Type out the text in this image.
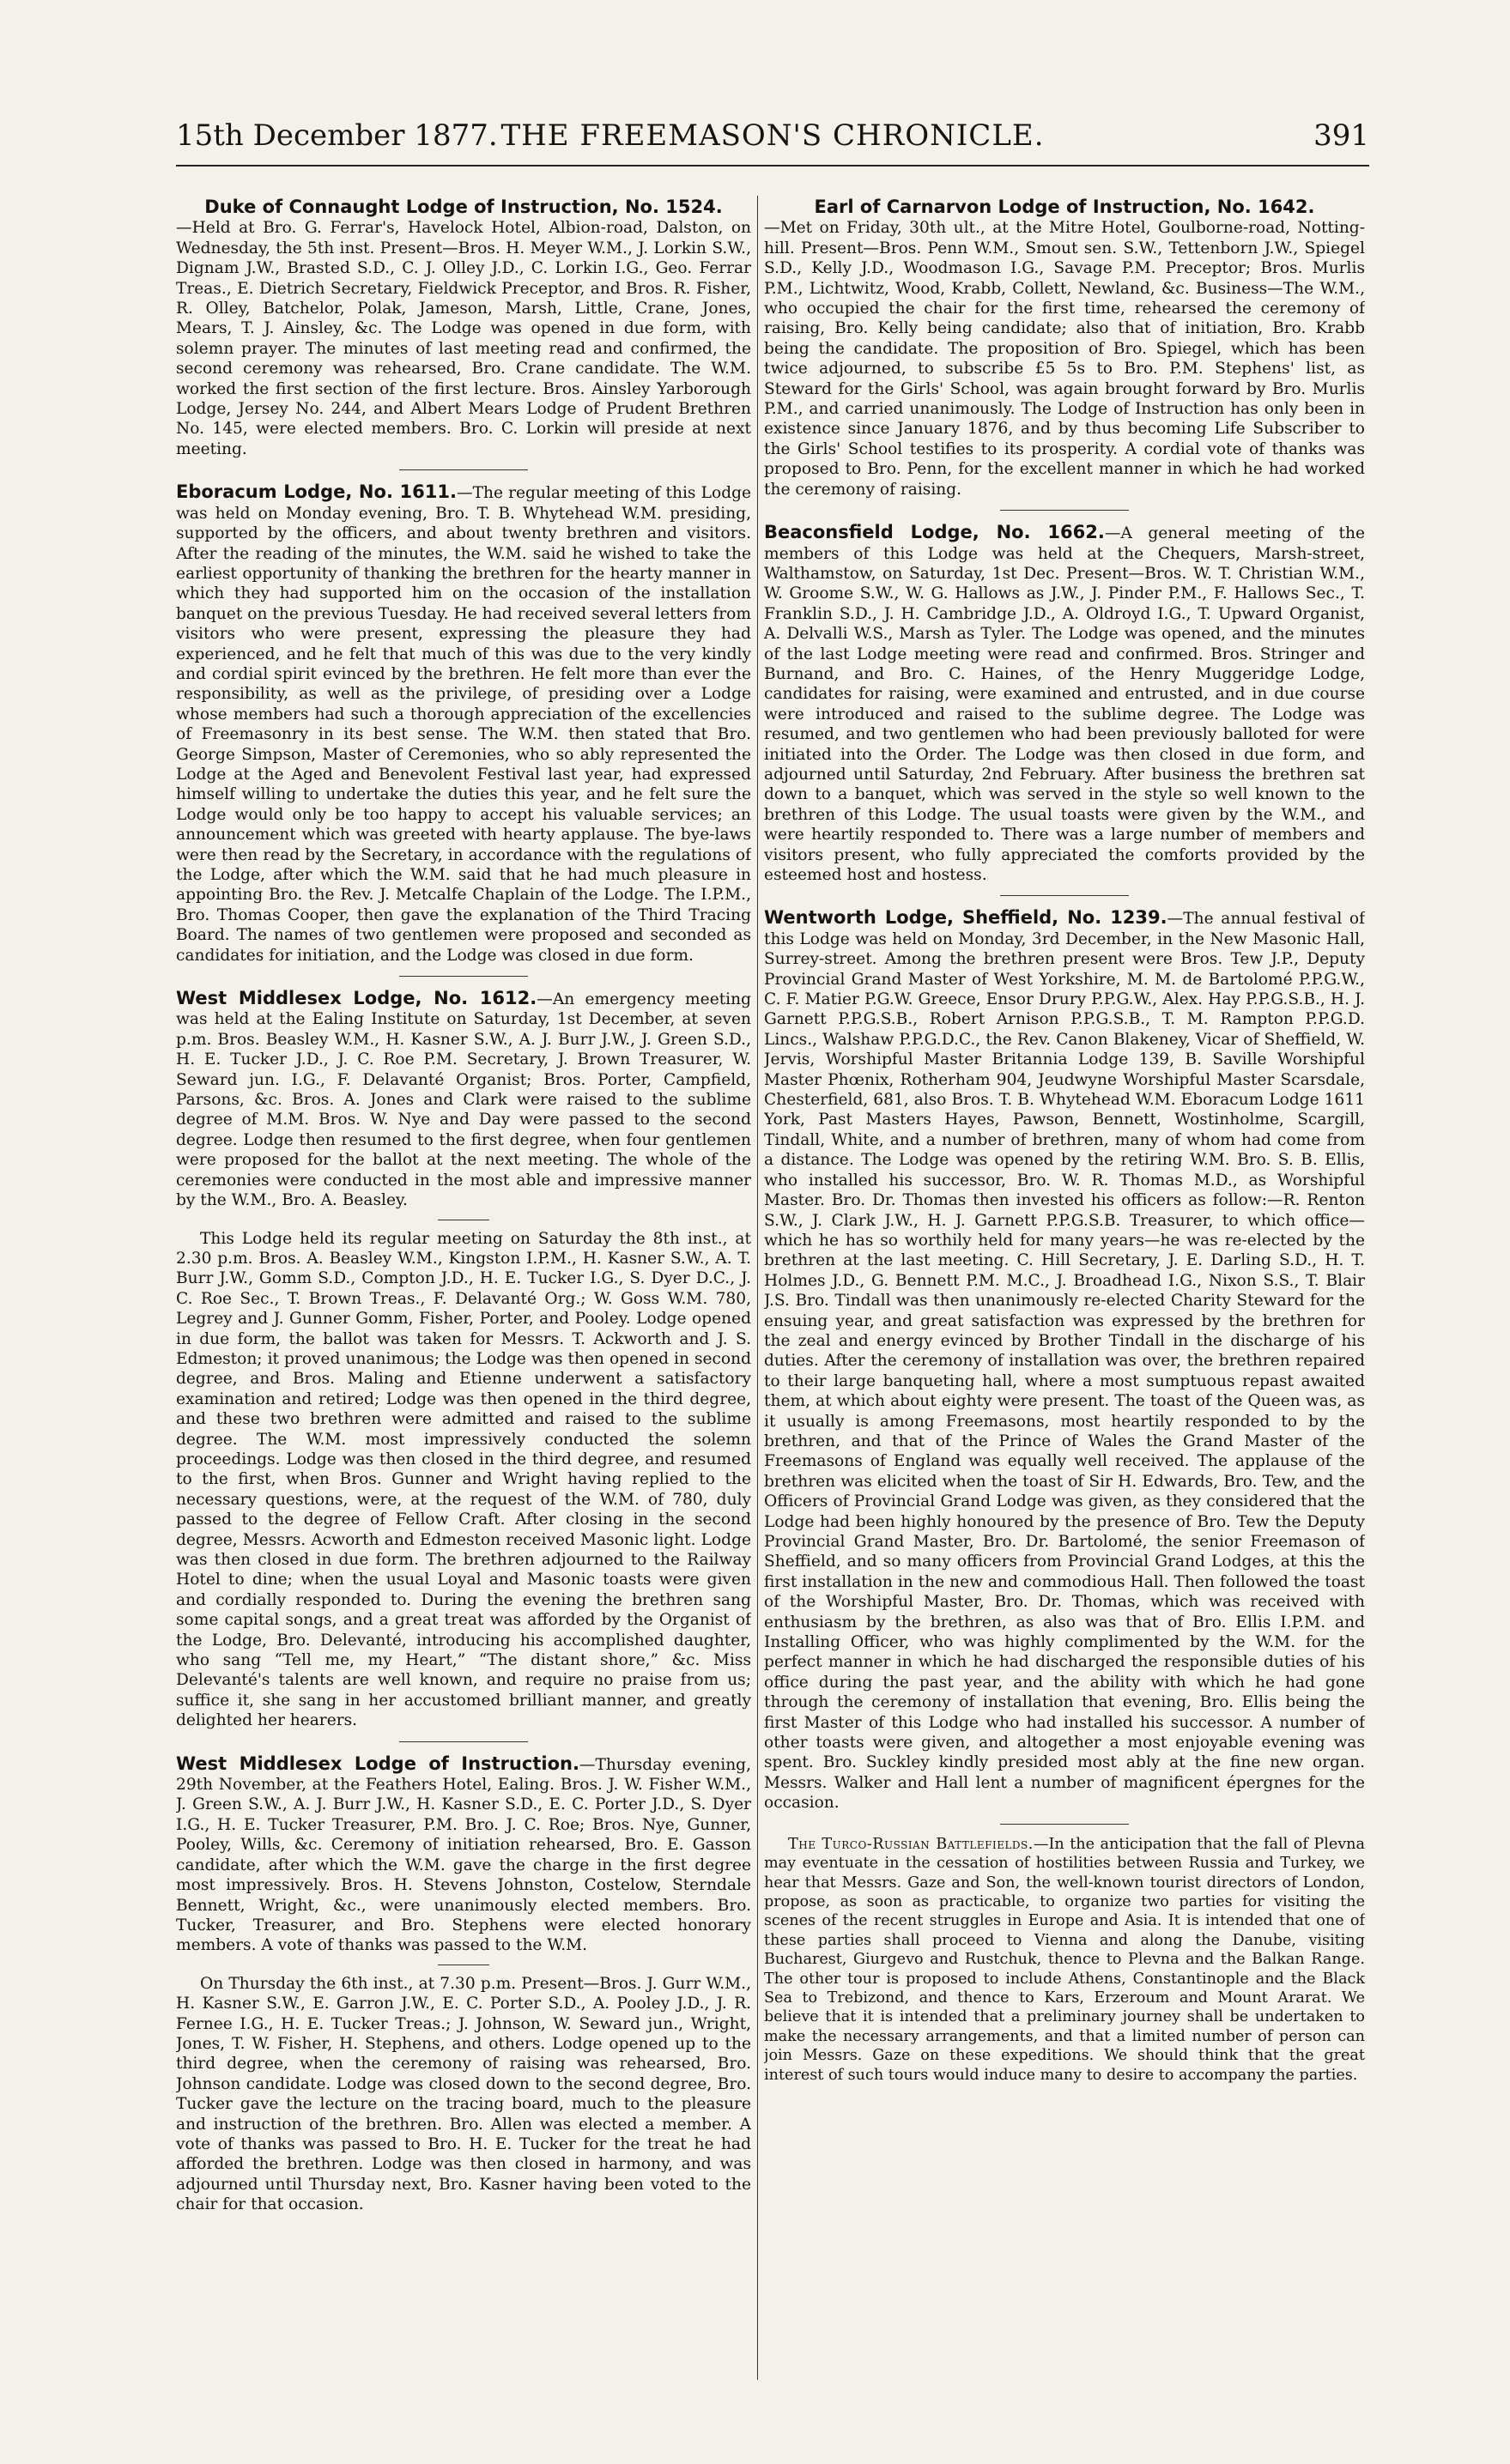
15th December 1877. THE FREEMASON'S CHRONICLE.	391
Duke of Connaught Lodge of Instruction, No. 1524.

—Held at Bro. G. Ferrar's, Havelock Hotel, Albion-road, Dalston, on Wednesday, the 5th inst. Present—Bros. H. Meyer W.M., J. Lorkin S.W., Dignam J.W., Brasted S.D., C. J. Olley J.D., C. Lorkin I.G., Geo. Ferrar Treas., E. Dietrich Secretary, Fieldwick Preceptor, and Bros. R. Fisher, R. Olley, Batchelor, Polak, Jameson, Marsh, Little, Crane, Jones, Mears, T. J. Ainsley, &c. The Lodge was opened in due form, with solemn prayer. The minutes of last meeting read and confirmed, the second ceremony was rehearsed, Bro. Crane candidate. The W.M. worked the first section of the first lecture. Bros. Ainsley Yarborough Lodge, Jersey No. 244, and Albert Mears Lodge of Prudent Brethren No. 145, were elected members. Bro. C. Lorkin will preside at next meeting.

Eboracum Lodge, No. 1611.—The regular meeting of this Lodge was held on Monday evening, Bro. T. B. Whytehead W.M. presiding, supported by the officers, and about twenty brethren and visitors. After the reading of the minutes, the W.M. said he wished to take the earliest opportunity of thanking the brethren for the hearty manner in which they had supported him on the occasion of the installation banquet on the previous Tuesday. He had received several letters from visitors who were present, expressing the pleasure they had experienced, and he felt that much of this was due to the very kindly and cordial spirit evinced by the brethren. He felt more than ever the responsibility, as well as the privilege, of presiding over a Lodge whose members had such a thorough appreciation of the excellencies of Freemasonry in its best sense. The W.M. then stated that Bro. George Simpson, Master of Ceremonies, who so ably represented the Lodge at the Aged and Benevolent Festival last year, had expressed himself willing to undertake the duties this year, and he felt sure the Lodge would only be too happy to accept his valuable services; an announcement which was greeted with hearty applause. The bye-laws were then read by the Secretary, in accordance with the regulations of the Lodge, after which the W.M. said that he had much pleasure in appointing Bro. the Rev. J. Metcalfe Chaplain of the Lodge. The I.P.M., Bro. Thomas Cooper, then gave the explanation of the Third Tracing Board. The names of two gentlemen were proposed and seconded as candidates for initiation, and the Lodge was closed in due form.

West Middlesex Lodge, No. 1612.—An emergency meeting was held at the Ealing Institute on Saturday, 1st December, at seven p.m. Bros. Beasley W.M., H. Kasner S.W., A. J. Burr J.W., J. Green S.D., H. E. Tucker J.D., J. C. Roe P.M. Secretary, J. Brown Treasurer, W. Seward jun. I.G., F. Delavanté Organist; Bros. Porter, Campfield, Parsons, &c. Bros. A. Jones and Clark were raised to the sublime degree of M.M. Bros. W. Nye and Day were passed to the second degree. Lodge then resumed to the first degree, when four gentlemen were proposed for the ballot at the next meeting. The whole of the ceremonies were conducted in the most able and impressive manner by the W.M., Bro. A. Beasley.

This Lodge held its regular meeting on Saturday the 8th inst., at 2.30 p.m. Bros. A. Beasley W.M., Kingston I.P.M., H. Kasner S.W., A. T. Burr J.W., Gomm S.D., Compton J.D., H. E. Tucker I.G., S. Dyer D.C., J. C. Roe Sec., T. Brown Treas., F. Delavanté Org.; W. Goss W.M. 780, Legrey and J. Gunner Gomm, Fisher, Porter, and Pooley. Lodge opened in due form, the ballot was taken for Messrs. T. Ackworth and J. S. Edmeston; it proved unanimous; the Lodge was then opened in second degree, and Bros. Maling and Etienne underwent a satisfactory examination and retired; Lodge was then opened in the third degree, and these two brethren were admitted and raised to the sublime degree. The W.M. most impressively conducted the solemn proceedings. Lodge was then closed in the third degree, and resumed to the first, when Bros. Gunner and Wright having replied to the necessary questions, were, at the request of the W.M. of 780, duly passed to the degree of Fellow Craft. After closing in the second degree, Messrs. Acworth and Edmeston received Masonic light. Lodge was then closed in due form. The brethren adjourned to the Railway Hotel to dine; when the usual Loyal and Masonic toasts were given and cordially responded to. During the evening the brethren sang some capital songs, and a great treat was afforded by the Organist of the Lodge, Bro. Delevanté, introducing his accomplished daughter, who sang “Tell me, my Heart,” “The distant shore,” &c. Miss Delevanté's talents are well known, and require no praise from us; suffice it, she sang in her accustomed brilliant manner, and greatly delighted her hearers.

West Middlesex Lodge of Instruction.—Thursday evening, 29th November, at the Feathers Hotel, Ealing. Bros. J. W. Fisher W.M., J. Green S.W., A. J. Burr J.W., H. Kasner S.D., E. C. Porter J.D., S. Dyer I.G., H. E. Tucker Treasurer, P.M. Bro. J. C. Roe; Bros. Nye, Gunner, Pooley, Wills, &c. Ceremony of initiation rehearsed, Bro. E. Gasson candidate, after which the W.M. gave the charge in the first degree most impressively. Bros. H. Stevens Johnston, Costelow, Sterndale Bennett, Wright, &c., were unanimously elected members. Bro. Tucker, Treasurer, and Bro. Stephens were elected honorary members. A vote of thanks was passed to the W.M.

On Thursday the 6th inst., at 7.30 p.m. Present—Bros. J. Gurr W.M., H. Kasner S.W., E. Garron J.W., E. C. Porter S.D., A. Pooley J.D., J. R. Fernee I.G., H. E. Tucker Treas.; J. Johnson, W. Seward jun., Wright, Jones, T. W. Fisher, H. Stephens, and others. Lodge opened up to the third degree, when the ceremony of raising was rehearsed, Bro. Johnson candidate. Lodge was closed down to the second degree, Bro. Tucker gave the lecture on the tracing board, much to the pleasure and instruction of the brethren. Bro. Allen was elected a member. A vote of thanks was passed to Bro. H. E. Tucker for the treat he had afforded the brethren. Lodge was then closed in harmony, and was adjourned until Thursday next, Bro. Kasner having been voted to the chair for that occasion.

Earl of Carnarvon Lodge of Instruction, No. 1642.

—Met on Friday, 30th ult., at the Mitre Hotel, Goulborne-road, Notting-hill. Present—Bros. Penn W.M., Smout sen. S.W., Tettenborn J.W., Spiegel S.D., Kelly J.D., Woodmason I.G., Savage P.M. Preceptor; Bros. Murlis P.M., Lichtwitz, Wood, Krabb, Collett, Newland, &c. Business—The W.M., who occupied the chair for the first time, rehearsed the ceremony of raising, Bro. Kelly being candidate; also that of initiation, Bro. Krabb being the candidate. The proposition of Bro. Spiegel, which has been twice adjourned, to subscribe £5 5s to Bro. P.M. Stephens' list, as Steward for the Girls' School, was again brought forward by Bro. Murlis P.M., and carried unanimously. The Lodge of Instruction has only been in existence since January 1876, and by thus becoming Life Subscriber to the Girls' School testifies to its prosperity. A cordial vote of thanks was proposed to Bro. Penn, for the excellent manner in which he had worked the ceremony of raising.

Beaconsfield Lodge, No. 1662.—A general meeting of the members of this Lodge was held at the Chequers, Marsh-street, Walthamstow, on Saturday, 1st Dec. Present—Bros. W. T. Christian W.M., W. Groome S.W., W. G. Hallows as J.W., J. Pinder P.M., F. Hallows Sec., T. Franklin S.D., J. H. Cambridge J.D., A. Oldroyd I.G., T. Upward Organist, A. Delvalli W.S., Marsh as Tyler. The Lodge was opened, and the minutes of the last Lodge meeting were read and confirmed. Bros. Stringer and Burnand, and Bro. C. Haines, of the Henry Muggeridge Lodge, candidates for raising, were examined and entrusted, and in due course were introduced and raised to the sublime degree. The Lodge was resumed, and two gentlemen who had been previously balloted for were initiated into the Order. The Lodge was then closed in due form, and adjourned until Saturday, 2nd February. After business the brethren sat down to a banquet, which was served in the style so well known to the brethren of this Lodge. The usual toasts were given by the W.M., and were heartily responded to. There was a large number of members and visitors present, who fully appreciated the comforts provided by the esteemed host and hostess.

Wentworth Lodge, Sheffield, No. 1239.—The annual festival of this Lodge was held on Monday, 3rd December, in the New Masonic Hall, Surrey-street. Among the brethren present were Bros. Tew J.P., Deputy Provincial Grand Master of West Yorkshire, M. M. de Bartolomé P.P.G.W., C. F. Matier P.G.W. Greece, Ensor Drury P.P.G.W., Alex. Hay P.P.G.S.B., H. J. Garnett P.P.G.S.B., Robert Arnison P.P.G.S.B., T. M. Rampton P.P.G.D. Lincs., Walshaw P.P.G.D.C., the Rev. Canon Blakeney, Vicar of Sheffield, W. Jervis, Worshipful Master Britannia Lodge 139, B. Saville Worshipful Master Phœnix, Rotherham 904, Jeudwyne Worshipful Master Scarsdale, Chesterfield, 681, also Bros. T. B. Whytehead W.M. Eboracum Lodge 1611 York, Past Masters Hayes, Pawson, Bennett, Wostinholme, Scargill, Tindall, White, and a number of brethren, many of whom had come from a distance. The Lodge was opened by the retiring W.M. Bro. S. B. Ellis, who installed his successor, Bro. W. R. Thomas M.D., as Worshipful Master. Bro. Dr. Thomas then invested his officers as follow:—R. Renton S.W., J. Clark J.W., H. J. Garnett P.P.G.S.B. Treasurer, to which office—which he has so worthily held for many years—he was re-elected by the brethren at the last meeting. C. Hill Secretary, J. E. Darling S.D., H. T. Holmes J.D., G. Bennett P.M. M.C., J. Broadhead I.G., Nixon S.S., T. Blair J.S. Bro. Tindall was then unanimously re-elected Charity Steward for the ensuing year, and great satisfaction was expressed by the brethren for the zeal and energy evinced by Brother Tindall in the discharge of his duties. After the ceremony of installation was over, the brethren repaired to their large banqueting hall, where a most sumptuous repast awaited them, at which about eighty were present. The toast of the Queen was, as it usually is among Freemasons, most heartily responded to by the brethren, and that of the Prince of Wales the Grand Master of the Freemasons of England was equally well received. The applause of the brethren was elicited when the toast of Sir H. Edwards, Bro. Tew, and the Officers of Provincial Grand Lodge was given, as they considered that the Lodge had been highly honoured by the presence of Bro. Tew the Deputy Provincial Grand Master, Bro. Dr. Bartolomé, the senior Freemason of Sheffield, and so many officers from Provincial Grand Lodges, at this the first installation in the new and commodious Hall. Then followed the toast of the Worshipful Master, Bro. Dr. Thomas, which was received with enthusiasm by the brethren, as also was that of Bro. Ellis I.P.M. and Installing Officer, who was highly complimented by the W.M. for the perfect manner in which he had discharged the responsible duties of his office during the past year, and the ability with which he had gone through the ceremony of installation that evening, Bro. Ellis being the first Master of this Lodge who had installed his successor. A number of other toasts were given, and altogether a most enjoyable evening was spent. Bro. Suckley kindly presided most ably at the fine new organ. Messrs. Walker and Hall lent a number of magnificent épergnes for the occasion.

The Turco-Russian Battlefields.—In the anticipation that the fall of Plevna may eventuate in the cessation of hostilities between Russia and Turkey, we hear that Messrs. Gaze and Son, the well-known tourist directors of London, propose, as soon as practicable, to organize two parties for visiting the scenes of the recent struggles in Europe and Asia. It is intended that one of these parties shall proceed to Vienna and along the Danube, visiting Bucharest, Giurgevo and Rustchuk, thence to Plevna and the Balkan Range. The other tour is proposed to include Athens, Constantinople and the Black Sea to Trebizond, and thence to Kars, Erzeroum and Mount Ararat. We believe that it is intended that a preliminary journey shall be undertaken to make the necessary arrangements, and that a limited number of person can join Messrs. Gaze on these expeditions. We should think that the great interest of such tours would induce many to desire to accompany the parties.
